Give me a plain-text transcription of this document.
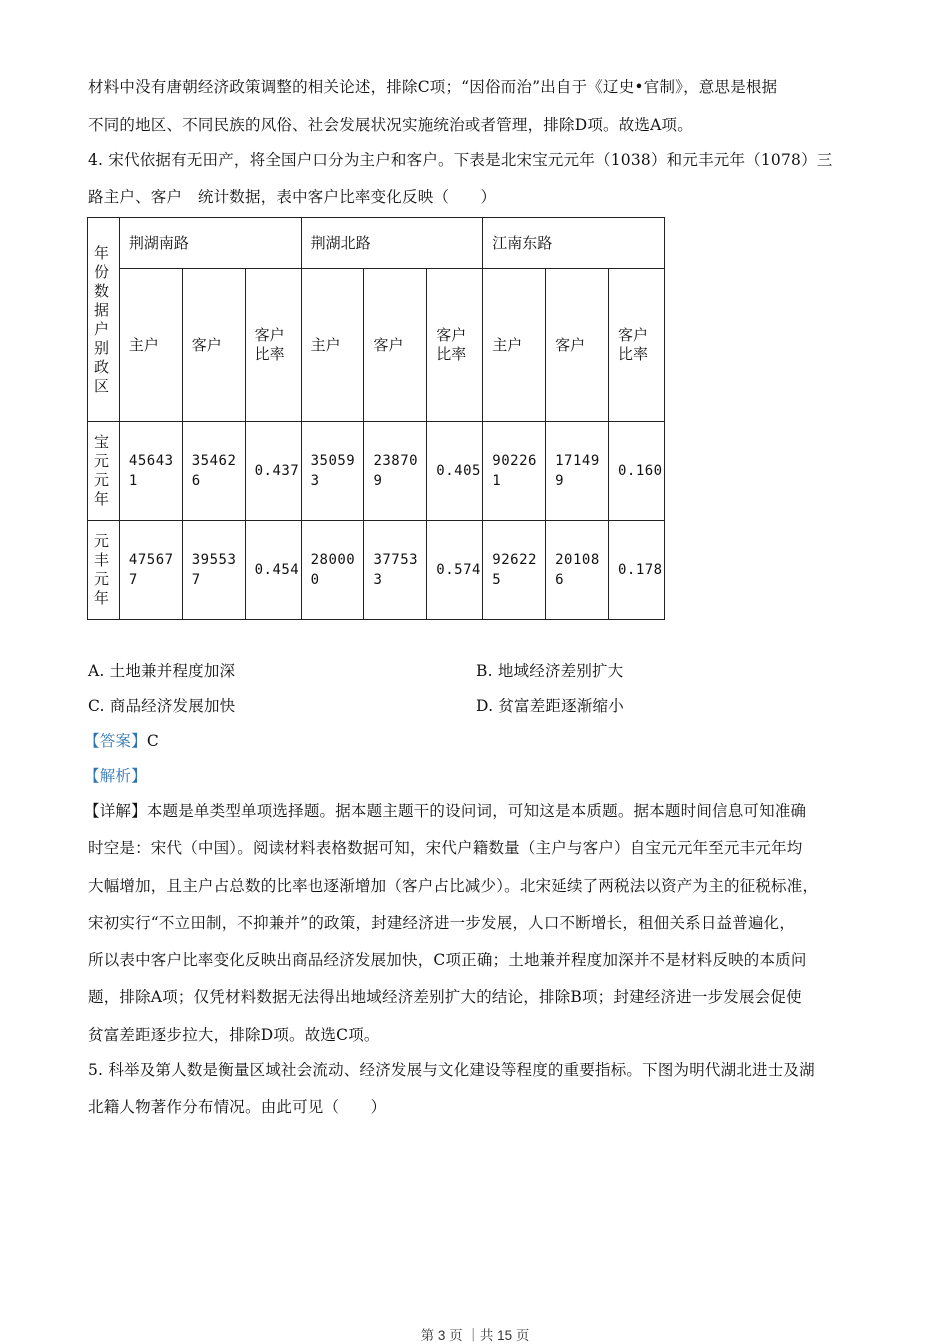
材料中没有唐朝经济政策调整的相关论述，排除C项；“因俗而治”出自于《辽史•官制》，意思是根据
不同的地区、不同民族的风俗、社会发展状况实施统治或者管理，排除D项。故选A项。
4. 宋代依据有无田产，将全国户口分为主户和客户。下表是北宋宝元元年（1038）和元丰元年（1078）三
路主户、客户　统计数据，表中客户比率变化反映（　　）
年份数据户别政区	荆湖南路			荆湖北路			江南东路		

	主户	客户	客户比率	主户	客户	客户比率	主户	客户	客户比率

宝元元年	456431	354626	0.437	350593	238709	0.405	902261	171499	0.160

元丰元年	475677	395537	0.454	280000	377533	0.574	926225	201086	0.178
A. 土地兼并程度加深	B. 地域经济差别扩大
C. 商品经济发展加快	D. 贫富差距逐渐缩小
【答案】C
【解析】
【详解】本题是单类型单项选择题。据本题主题干的设问词，可知这是本质题。据本题时间信息可知准确
时空是：宋代（中国）。阅读材料表格数据可知，宋代户籍数量（主户与客户）自宝元元年至元丰元年均
大幅增加，且主户占总数的比率也逐渐增加（客户占比减少）。北宋延续了两税法以资产为主的征税标准，
宋初实行“不立田制，不抑兼并”的政策，封建经济进一步发展，人口不断增长，租佃关系日益普遍化，
所以表中客户比率变化反映出商品经济发展加快，C项正确；土地兼并程度加深并不是材料反映的本质问
题，排除A项；仅凭材料数据无法得出地域经济差别扩大的结论，排除B项；封建经济进一步发展会促使
贫富差距逐步拉大，排除D项。故选C项。
5. 科举及第人数是衡量区域社会流动、经济发展与文化建设等程度的重要指标。下图为明代湖北进士及湖
北籍人物著作分布情况。由此可见（　　）
第 3 页 ｜共 15 页
